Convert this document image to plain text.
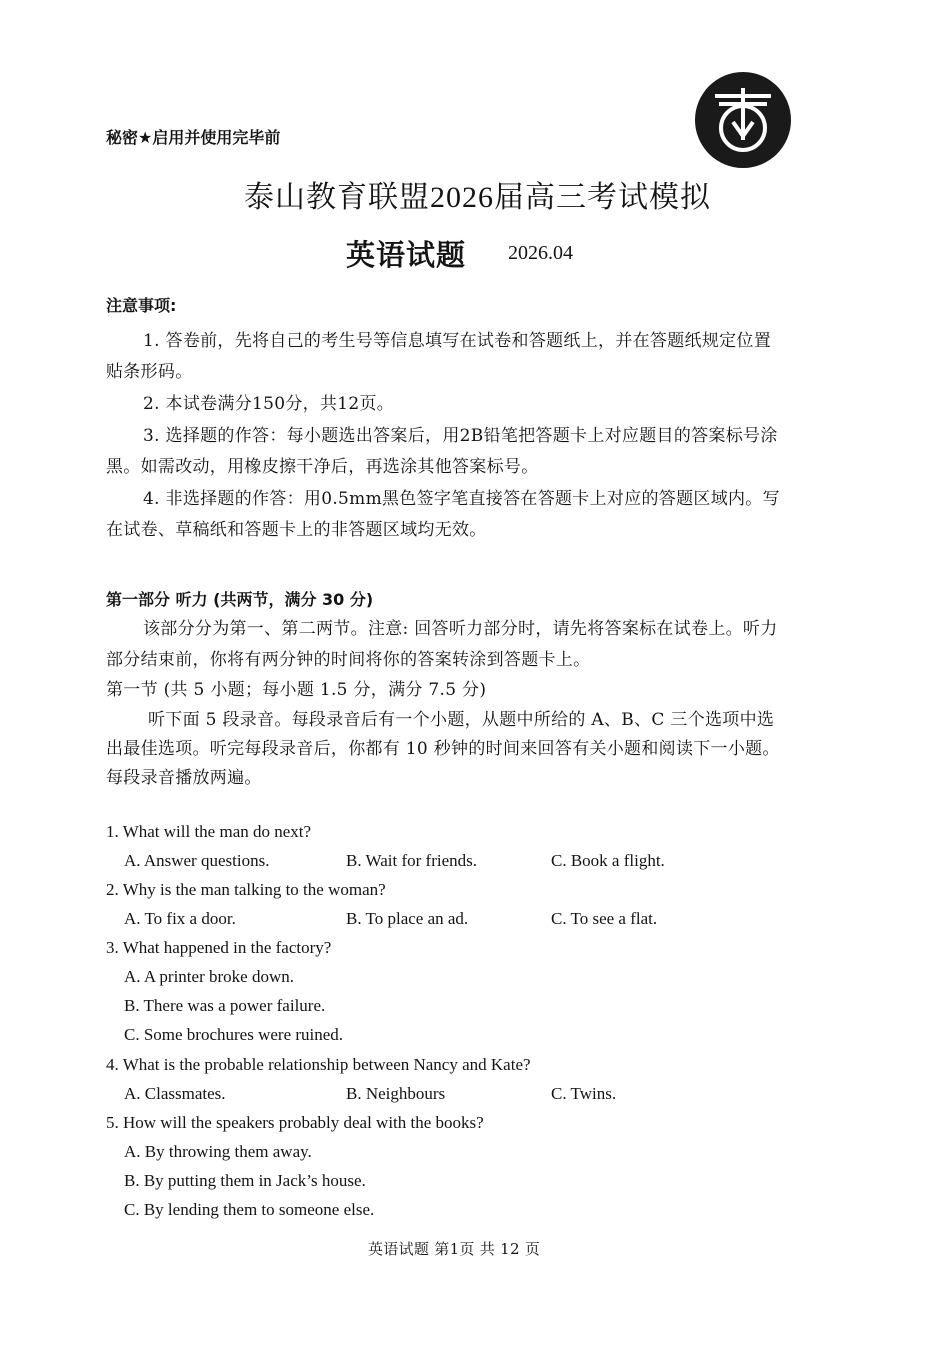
秘密★启用并使用完毕前
泰山教育联盟2026届高三考试模拟
英语试题 2026.04
注意事项:
1. 答卷前，先将自己的考生号等信息填写在试卷和答题纸上，并在答题纸规定位置
贴条形码。
2. 本试卷满分150分，共12页。
3. 选择题的作答：每小题选出答案后，用2B铅笔把答题卡上对应题目的答案标号涂
黑。如需改动，用橡皮擦干净后，再选涂其他答案标号。
4. 非选择题的作答：用0.5mm黑色签字笔直接答在答题卡上对应的答题区域内。写
在试卷、草稿纸和答题卡上的非答题区域均无效。
第一部分 听力 (共两节，满分 30 分)
该部分分为第一、第二两节。注意: 回答听力部分时，请先将答案标在试卷上。听力
部分结束前，你将有两分钟的时间将你的答案转涂到答题卡上。
第一节 (共 5 小题；每小题 1.5 分，满分 7.5 分)
听下面 5 段录音。每段录音后有一个小题，从题中所给的 A、B、C 三个选项中选
出最佳选项。听完每段录音后，你都有 10 秒钟的时间来回答有关小题和阅读下一小题。
每段录音播放两遍。
1. What will the man do next?
A. Answer questions.	B. Wait for friends.	C. Book a flight.
2. Why is the man talking to the woman?
A. To fix a door.	B. To place an ad.	C. To see a flat.
3. What happened in the factory?
A. A printer broke down.
B. There was a power failure.
C. Some brochures were ruined.
4. What is the probable relationship between Nancy and Kate?
A. Classmates.	B. Neighbours	C. Twins.
5. How will the speakers probably deal with the books?
A. By throwing them away.
B. By putting them in Jack’s house.
C. By lending them to someone else.
英语试题 第1页 共 12 页
